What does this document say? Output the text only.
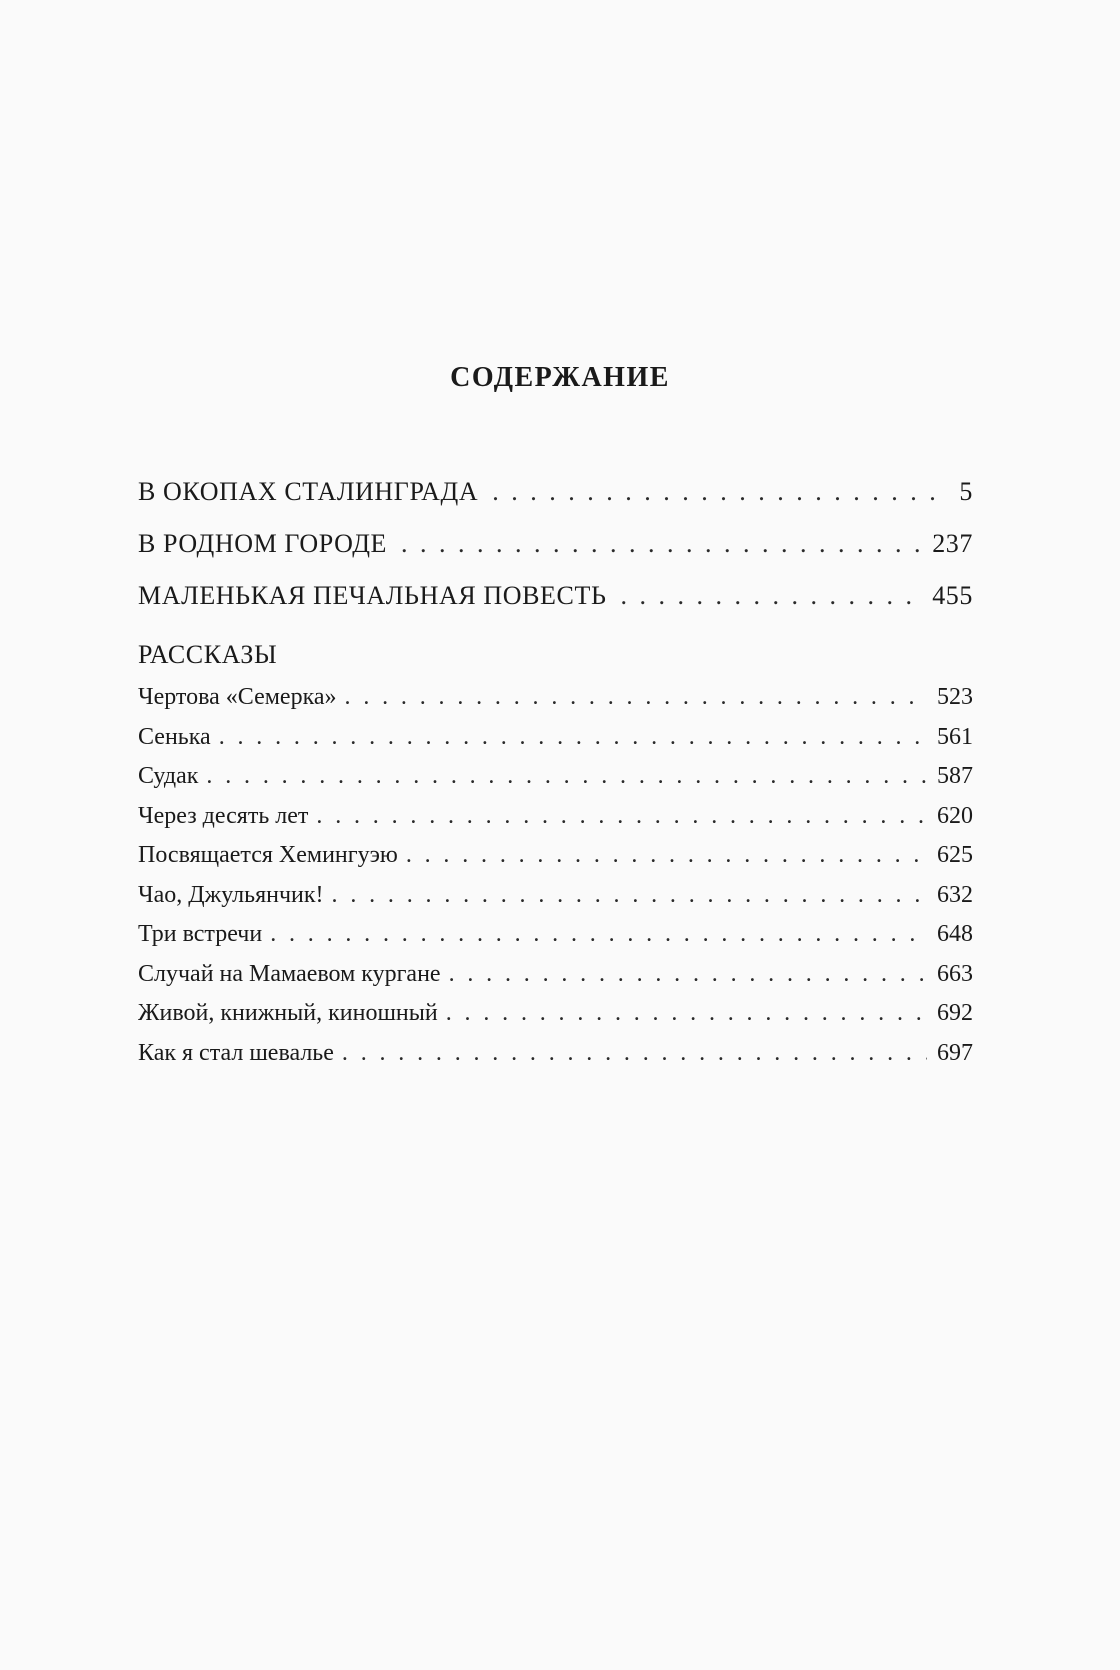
СОДЕРЖАНИЕ
В ОКОПАХ СТАЛИНГРАДА . . .	5
В РОДНОМ ГОРОДЕ . . .	237
МАЛЕНЬКАЯ ПЕЧАЛЬНАЯ ПОВЕСТЬ . . .	455
РАССКАЗЫ
Чертова «Семерка» . . .	523
Сенька . . .	561
Судак . . .	587
Через десять лет . . .	620
Посвящается Хемингуэю . . .	625
Чао, Джульянчик! . . .	632
Три встречи . . .	648
Случай на Мамаевом кургане . . .	663
Живой, книжный, киношный . . .	692
Как я стал шевалье . . .	697
